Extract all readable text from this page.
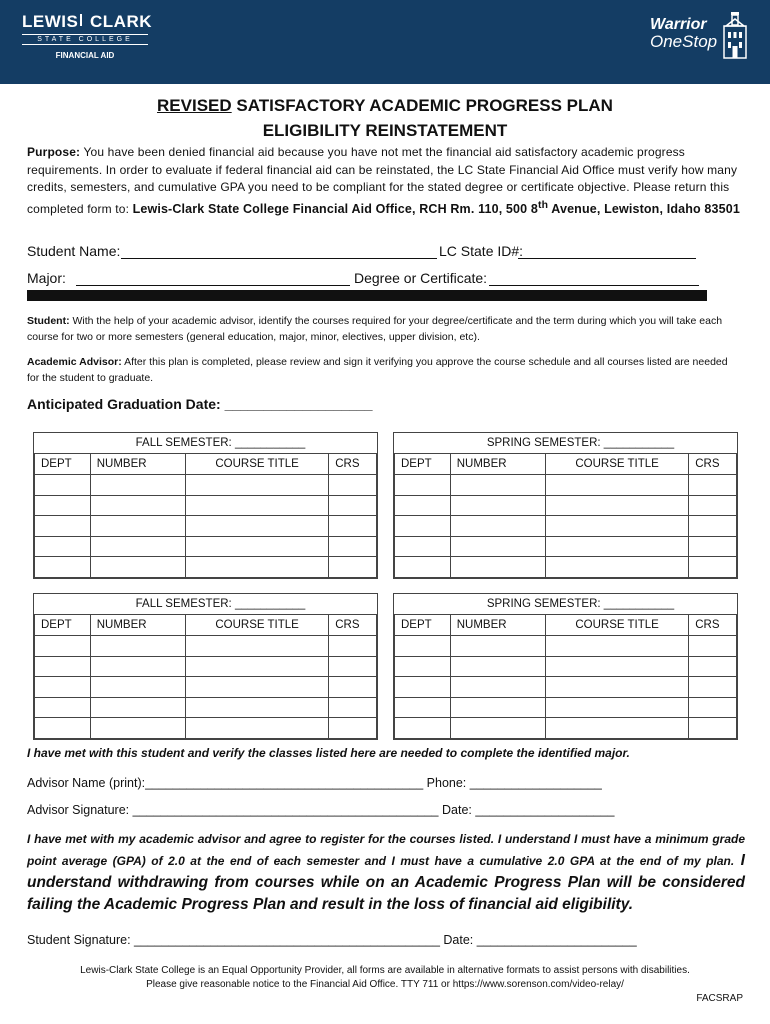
LEWIS CLARK
STATE COLLEGE
FINANCIAL AID
Warrior
OneStop
REVISED SATISFACTORY ACADEMIC PROGRESS PLAN
ELIGIBILITY REINSTATEMENT
Purpose: You have been denied financial aid because you have not met the financial aid satisfactory academic progress requirements. In order to evaluate if federal financial aid can be reinstated, the LC State Financial Aid Office must verify how many credits, semesters, and cumulative GPA you need to be compliant for the stated degree or certificate objective. Please return this completed form to: Lewis-Clark State College Financial Aid Office, RCH Rm. 110, 500 8th Avenue, Lewiston, Idaho 83501
Student Name:	LC State ID#:
Major:	Degree or Certificate:
Student: With the help of your academic advisor, identify the courses required for your degree/certificate and the term during which you will take each course for two or more semesters (general education, major, minor, electives, upper division, etc).
Academic Advisor: After this plan is completed, please review and sign it verifying you approve the course schedule and all courses listed are needed for the student to graduate.
Anticipated Graduation Date: ___________________
FALL SEMESTER: ___________
DEPT	NUMBER	COURSE TITLE	CRS

SPRING SEMESTER: ___________
DEPT	NUMBER	COURSE TITLE	CRS

FALL SEMESTER: ___________
DEPT	NUMBER	COURSE TITLE	CRS

SPRING SEMESTER: ___________
DEPT	NUMBER	COURSE TITLE	CRS

I have met with this student and verify the classes listed here are needed to complete the identified major.
Advisor Name (print):________________________________________ Phone: ___________________
Advisor Signature: ____________________________________________ Date: ____________________
I have met with my academic advisor and agree to register for the courses listed. I understand I must have a minimum grade point average (GPA) of 2.0 at the end of each semester and I must have a cumulative 2.0 GPA at the end of my plan. I understand withdrawing from courses while on an Academic Progress Plan will be considered failing the Academic Progress Plan and result in the loss of financial aid eligibility.
Student Signature: ____________________________________________ Date: _______________________
Lewis-Clark State College is an Equal Opportunity Provider, all forms are available in alternative formats to assist persons with disabilities.
Please give reasonable notice to the Financial Aid Office. TTY 711 or https://www.sorenson.com/video-relay/
FACSRAP
